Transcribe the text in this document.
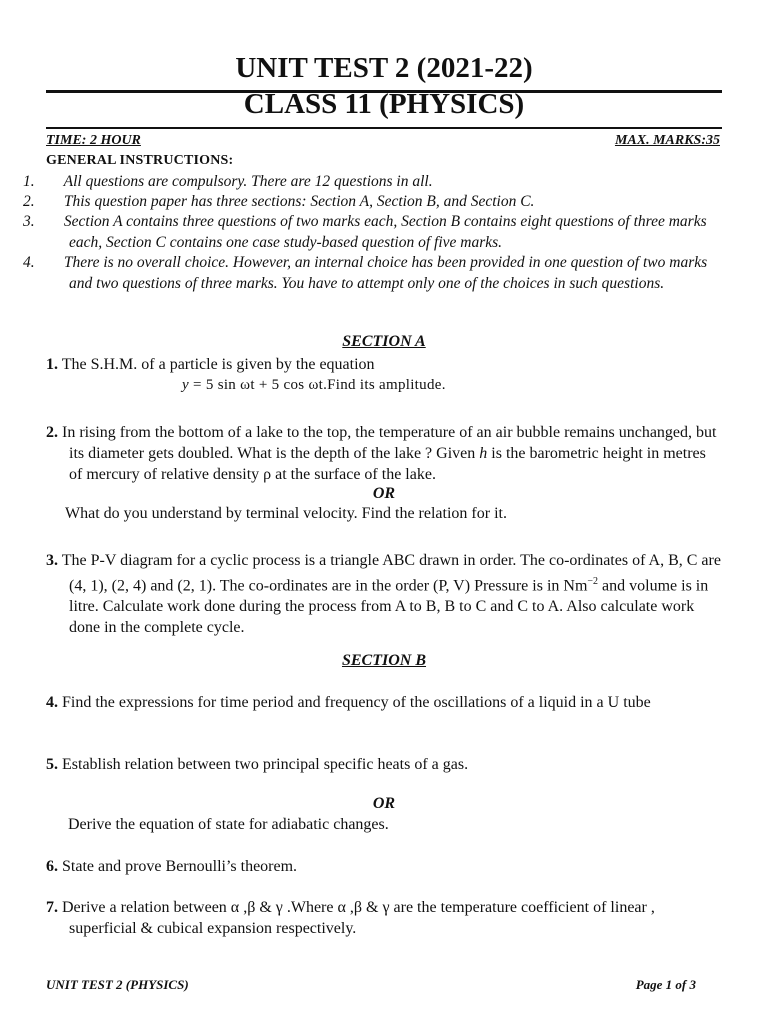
UNIT TEST 2 (2021-22)
CLASS 11 (PHYSICS)
TIME: 2 HOUR	MAX. MARKS:35
GENERAL INSTRUCTIONS:
1. All questions are compulsory. There are 12 questions in all.
2. This question paper has three sections: Section A, Section B, and Section C.
3. Section A contains three questions of two marks each, Section B contains eight questions of three marks each, Section C contains one case study-based question of five marks.
4. There is no overall choice. However, an internal choice has been provided in one question of two marks and two questions of three marks. You have to attempt only one of the choices in such questions.
SECTION A
1. The S.H.M. of a particle is given by the equation
y = 5 sin ωt + 5 cos ωt.Find its amplitude.
2. In rising from the bottom of a lake to the top, the temperature of an air bubble remains unchanged, but its diameter gets doubled. What is the depth of the lake ? Given h is the barometric height in metres of mercury of relative density ρ at the surface of the lake.
OR
What do you understand by terminal velocity. Find the relation for it.
3. The P-V diagram for a cyclic process is a triangle ABC drawn in order. The co-ordinates of A, B, C are (4, 1), (2, 4) and (2, 1). The co-ordinates are in the order (P, V) Pressure is in $Nm^{-2}$ and volume is in litre. Calculate work done during the process from A to B, B to C and C to A. Also calculate work done in the complete cycle.
SECTION B
4. Find the expressions for time period and frequency of the oscillations of a liquid in a U tube
5. Establish relation between two principal specific heats of a gas.
OR
Derive the equation of state for adiabatic changes.
6. State and prove Bernoulli’s theorem.
7. Derive a relation between α ,β & γ .Where α ,β & γ are the temperature coefficient of linear , superficial & cubical expansion respectively.
UNIT TEST 2 (PHYSICS)	Page 1 of 3
